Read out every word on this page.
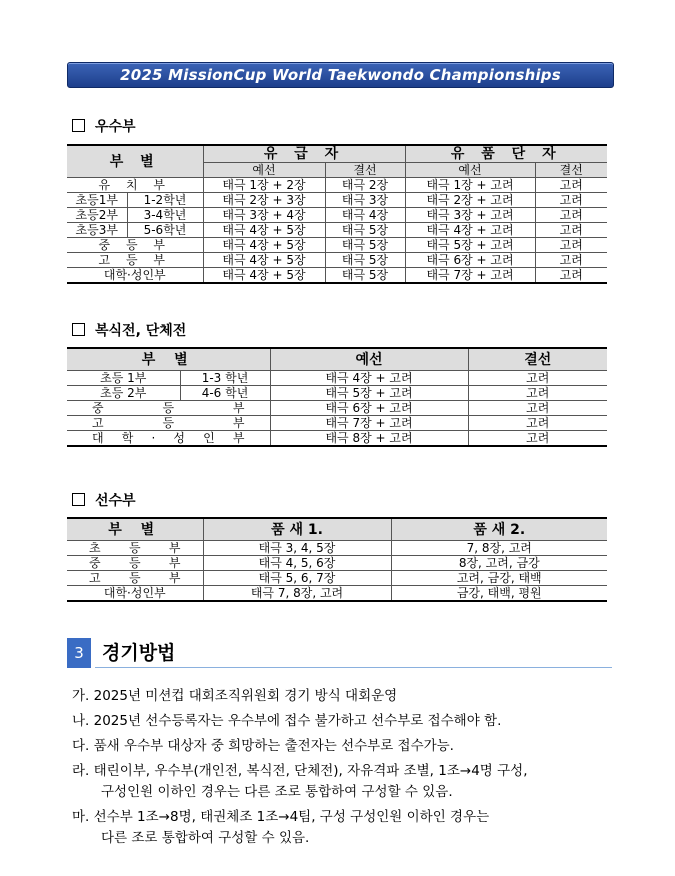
2025 MissionCup World Taekwondo Championships
우수부
부 별		유 급 자		유 품 단 자	
		예선	결선	예선	결선
유 치 부		태극 1장 + 2장	태극 2장	태극 1장 + 고려	고려
초등1부	1-2학년	태극 2장 + 3장	태극 3장	태극 2장 + 고려	고려
초등2부	3-4학년	태극 3장 + 4장	태극 4장	태극 3장 + 고려	고려
초등3부	5-6학년	태극 4장 + 5장	태극 5장	태극 4장 + 고려	고려
중 등 부		태극 4장 + 5장	태극 5장	태극 5장 + 고려	고려
고 등 부		태극 4장 + 5장	태극 5장	태극 6장 + 고려	고려
대학·성인부		태극 4장 + 5장	태극 5장	태극 7장 + 고려	고려
복식전, 단체전
부 별		예선	결선
초등 1부	1-3 학년	태극 4장 + 고려	고려
초등 2부	4-6 학년	태극 5장 + 고려	고려
중 등 부		태극 6장 + 고려	고려
고 등 부		태극 7장 + 고려	고려
대 학 · 성 인 부		태극 8장 + 고려	고려
선수부
부 별	품 새 1.	품 새 2.
초 등 부	태극 3, 4, 5장	7, 8장, 고려
중 등 부	태극 4, 5, 6장	8장, 고려, 금강
고 등 부	태극 5, 6, 7장	고려, 금강, 태백
대학·성인부	태극 7, 8장, 고려	금강, 태백, 평원
3 경기방법
가. 2025년 미션컵 대회조직위원회 경기 방식 대회운영
나. 2025년 선수등록자는 우수부에 접수 불가하고 선수부로 접수해야 함.
다. 품새 우수부 대상자 중 희망하는 출전자는 선수부로 접수가능.
라. 태린이부, 우수부(개인전, 복식전, 단체전), 자유격파 조별, 1조→4명 구성,
구성인원 이하인 경우는 다른 조로 통합하여 구성할 수 있음.
마. 선수부 1조→8명, 태권체조 1조→4팀, 구성 구성인원 이하인 경우는
다른 조로 통합하여 구성할 수 있음.
